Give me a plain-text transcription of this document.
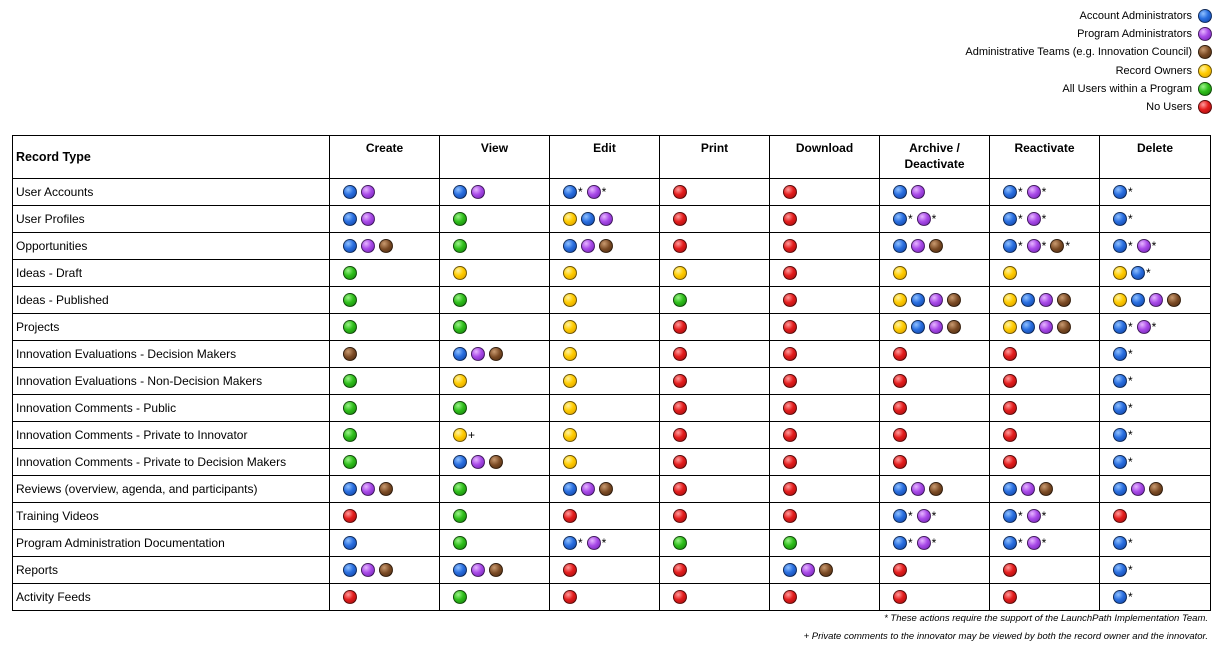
Account Administrators
Program Administrators
Administrative Teams (e.g. Innovation Council)
Record Owners
All Users within a Program
No Users
Record Type	Create	View	Edit	Print	Download	Archive / Deactivate	Reactivate	Delete
User Accounts			* *				* *	*

User Profiles						* *	* *	*

Opportunities							* * *	* *

Ideas - Draft								*

Ideas - Published	

Projects								* *

Innovation Evaluations - Decision Makers								*

Innovation Evaluations - Non-Decision Makers								*

Innovation Comments - Public								*

Innovation Comments - Private to Innovator		+						*

Innovation Comments - Private to Decision Makers								*

Reviews (overview, agenda, and participants)	

Training Videos						* *	* *	

Program Administration Documentation			* *			* *	* *	*

Reports								*

Activity Feeds								*
* These actions require the support of the LaunchPath Implementation Team.
+ Private comments to the innovator may be viewed by both the record owner and the innovator.
